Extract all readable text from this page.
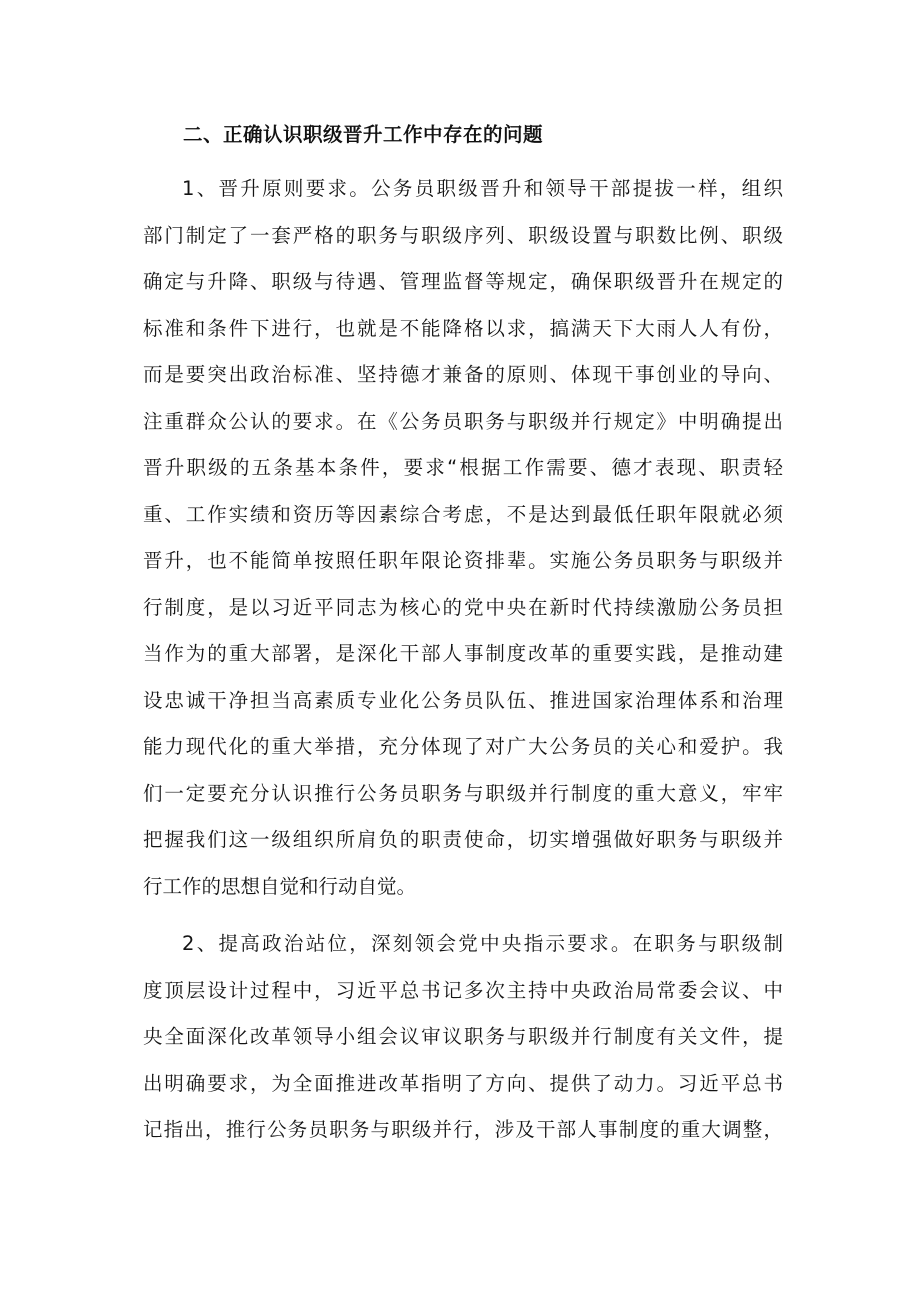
二、正确认识职级晋升工作中存在的问题
1、晋升原则要求。公务员职级晋升和领导干部提拔一样，组织
部门制定了一套严格的职务与职级序列、职级设置与职数比例、职级
确定与升降、职级与待遇、管理监督等规定，确保职级晋升在规定的
标准和条件下进行，也就是不能降格以求，搞满天下大雨人人有份，
而是要突出政治标准、坚持德才兼备的原则、体现干事创业的导向、
注重群众公认的要求。在《公务员职务与职级并行规定》中明确提出
晋升职级的五条基本条件，要求“根据工作需要、德才表现、职责轻
重、工作实绩和资历等因素综合考虑，不是达到最低任职年限就必须
晋升，也不能简单按照任职年限论资排辈。实施公务员职务与职级并
行制度，是以习近平同志为核心的党中央在新时代持续激励公务员担
当作为的重大部署，是深化干部人事制度改革的重要实践，是推动建
设忠诚干净担当高素质专业化公务员队伍、推进国家治理体系和治理
能力现代化的重大举措，充分体现了对广大公务员的关心和爱护。我
们一定要充分认识推行公务员职务与职级并行制度的重大意义，牢牢
把握我们这一级组织所肩负的职责使命，切实增强做好职务与职级并
行工作的思想自觉和行动自觉。
2、提高政治站位，深刻领会党中央指示要求。在职务与职级制
度顶层设计过程中，习近平总书记多次主持中央政治局常委会议、中
央全面深化改革领导小组会议审议职务与职级并行制度有关文件，提
出明确要求，为全面推进改革指明了方向、提供了动力。习近平总书
记指出，推行公务员职务与职级并行，涉及干部人事制度的重大调整，
